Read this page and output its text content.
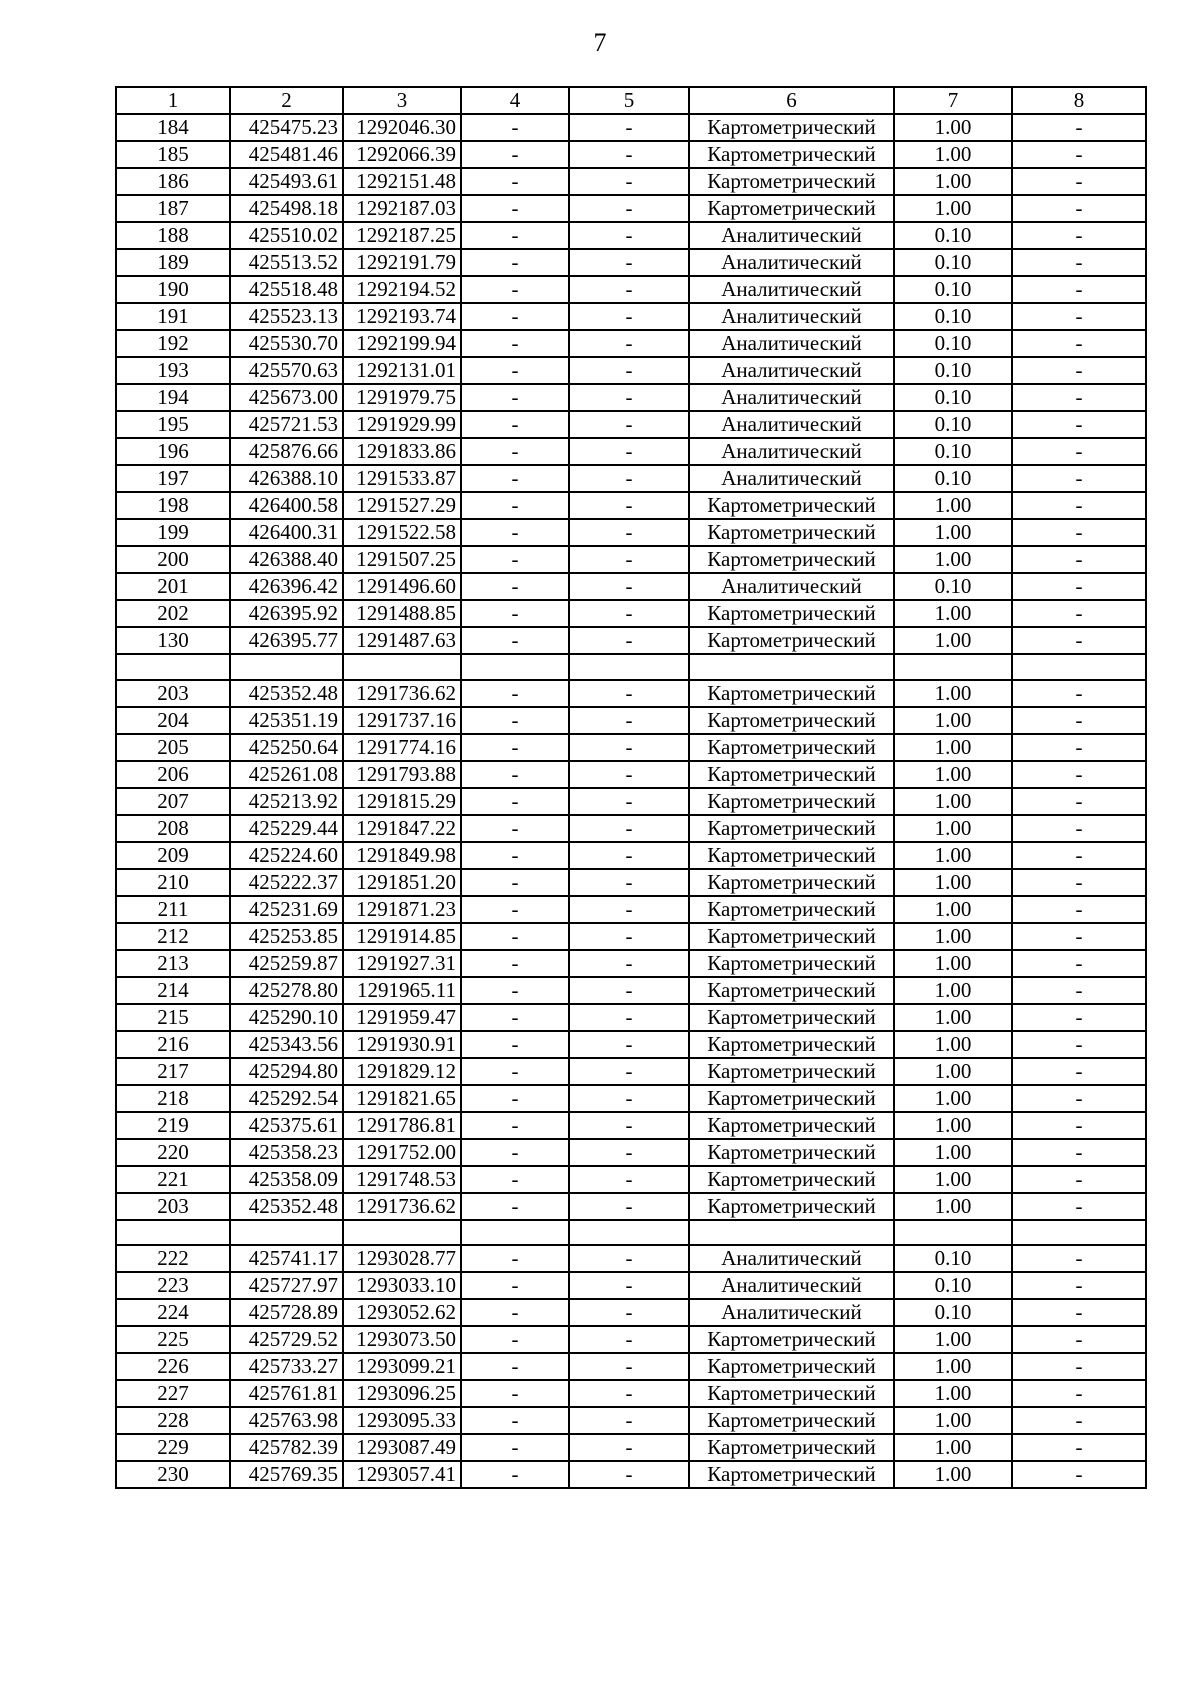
7
1	2	3	4	5	6	7	8
184	425475.23	1292046.30	-	-	Картометрический	1.00	-
185	425481.46	1292066.39	-	-	Картометрический	1.00	-
186	425493.61	1292151.48	-	-	Картометрический	1.00	-
187	425498.18	1292187.03	-	-	Картометрический	1.00	-
188	425510.02	1292187.25	-	-	Аналитический	0.10	-
189	425513.52	1292191.79	-	-	Аналитический	0.10	-
190	425518.48	1292194.52	-	-	Аналитический	0.10	-
191	425523.13	1292193.74	-	-	Аналитический	0.10	-
192	425530.70	1292199.94	-	-	Аналитический	0.10	-
193	425570.63	1292131.01	-	-	Аналитический	0.10	-
194	425673.00	1291979.75	-	-	Аналитический	0.10	-
195	425721.53	1291929.99	-	-	Аналитический	0.10	-
196	425876.66	1291833.86	-	-	Аналитический	0.10	-
197	426388.10	1291533.87	-	-	Аналитический	0.10	-
198	426400.58	1291527.29	-	-	Картометрический	1.00	-
199	426400.31	1291522.58	-	-	Картометрический	1.00	-
200	426388.40	1291507.25	-	-	Картометрический	1.00	-
201	426396.42	1291496.60	-	-	Аналитический	0.10	-
202	426395.92	1291488.85	-	-	Картометрический	1.00	-
130	426395.77	1291487.63	-	-	Картометрический	1.00	-

203	425352.48	1291736.62	-	-	Картометрический	1.00	-
204	425351.19	1291737.16	-	-	Картометрический	1.00	-
205	425250.64	1291774.16	-	-	Картометрический	1.00	-
206	425261.08	1291793.88	-	-	Картометрический	1.00	-
207	425213.92	1291815.29	-	-	Картометрический	1.00	-
208	425229.44	1291847.22	-	-	Картометрический	1.00	-
209	425224.60	1291849.98	-	-	Картометрический	1.00	-
210	425222.37	1291851.20	-	-	Картометрический	1.00	-
211	425231.69	1291871.23	-	-	Картометрический	1.00	-
212	425253.85	1291914.85	-	-	Картометрический	1.00	-
213	425259.87	1291927.31	-	-	Картометрический	1.00	-
214	425278.80	1291965.11	-	-	Картометрический	1.00	-
215	425290.10	1291959.47	-	-	Картометрический	1.00	-
216	425343.56	1291930.91	-	-	Картометрический	1.00	-
217	425294.80	1291829.12	-	-	Картометрический	1.00	-
218	425292.54	1291821.65	-	-	Картометрический	1.00	-
219	425375.61	1291786.81	-	-	Картометрический	1.00	-
220	425358.23	1291752.00	-	-	Картометрический	1.00	-
221	425358.09	1291748.53	-	-	Картометрический	1.00	-
203	425352.48	1291736.62	-	-	Картометрический	1.00	-

222	425741.17	1293028.77	-	-	Аналитический	0.10	-
223	425727.97	1293033.10	-	-	Аналитический	0.10	-
224	425728.89	1293052.62	-	-	Аналитический	0.10	-
225	425729.52	1293073.50	-	-	Картометрический	1.00	-
226	425733.27	1293099.21	-	-	Картометрический	1.00	-
227	425761.81	1293096.25	-	-	Картометрический	1.00	-
228	425763.98	1293095.33	-	-	Картометрический	1.00	-
229	425782.39	1293087.49	-	-	Картометрический	1.00	-
230	425769.35	1293057.41	-	-	Картометрический	1.00	-
